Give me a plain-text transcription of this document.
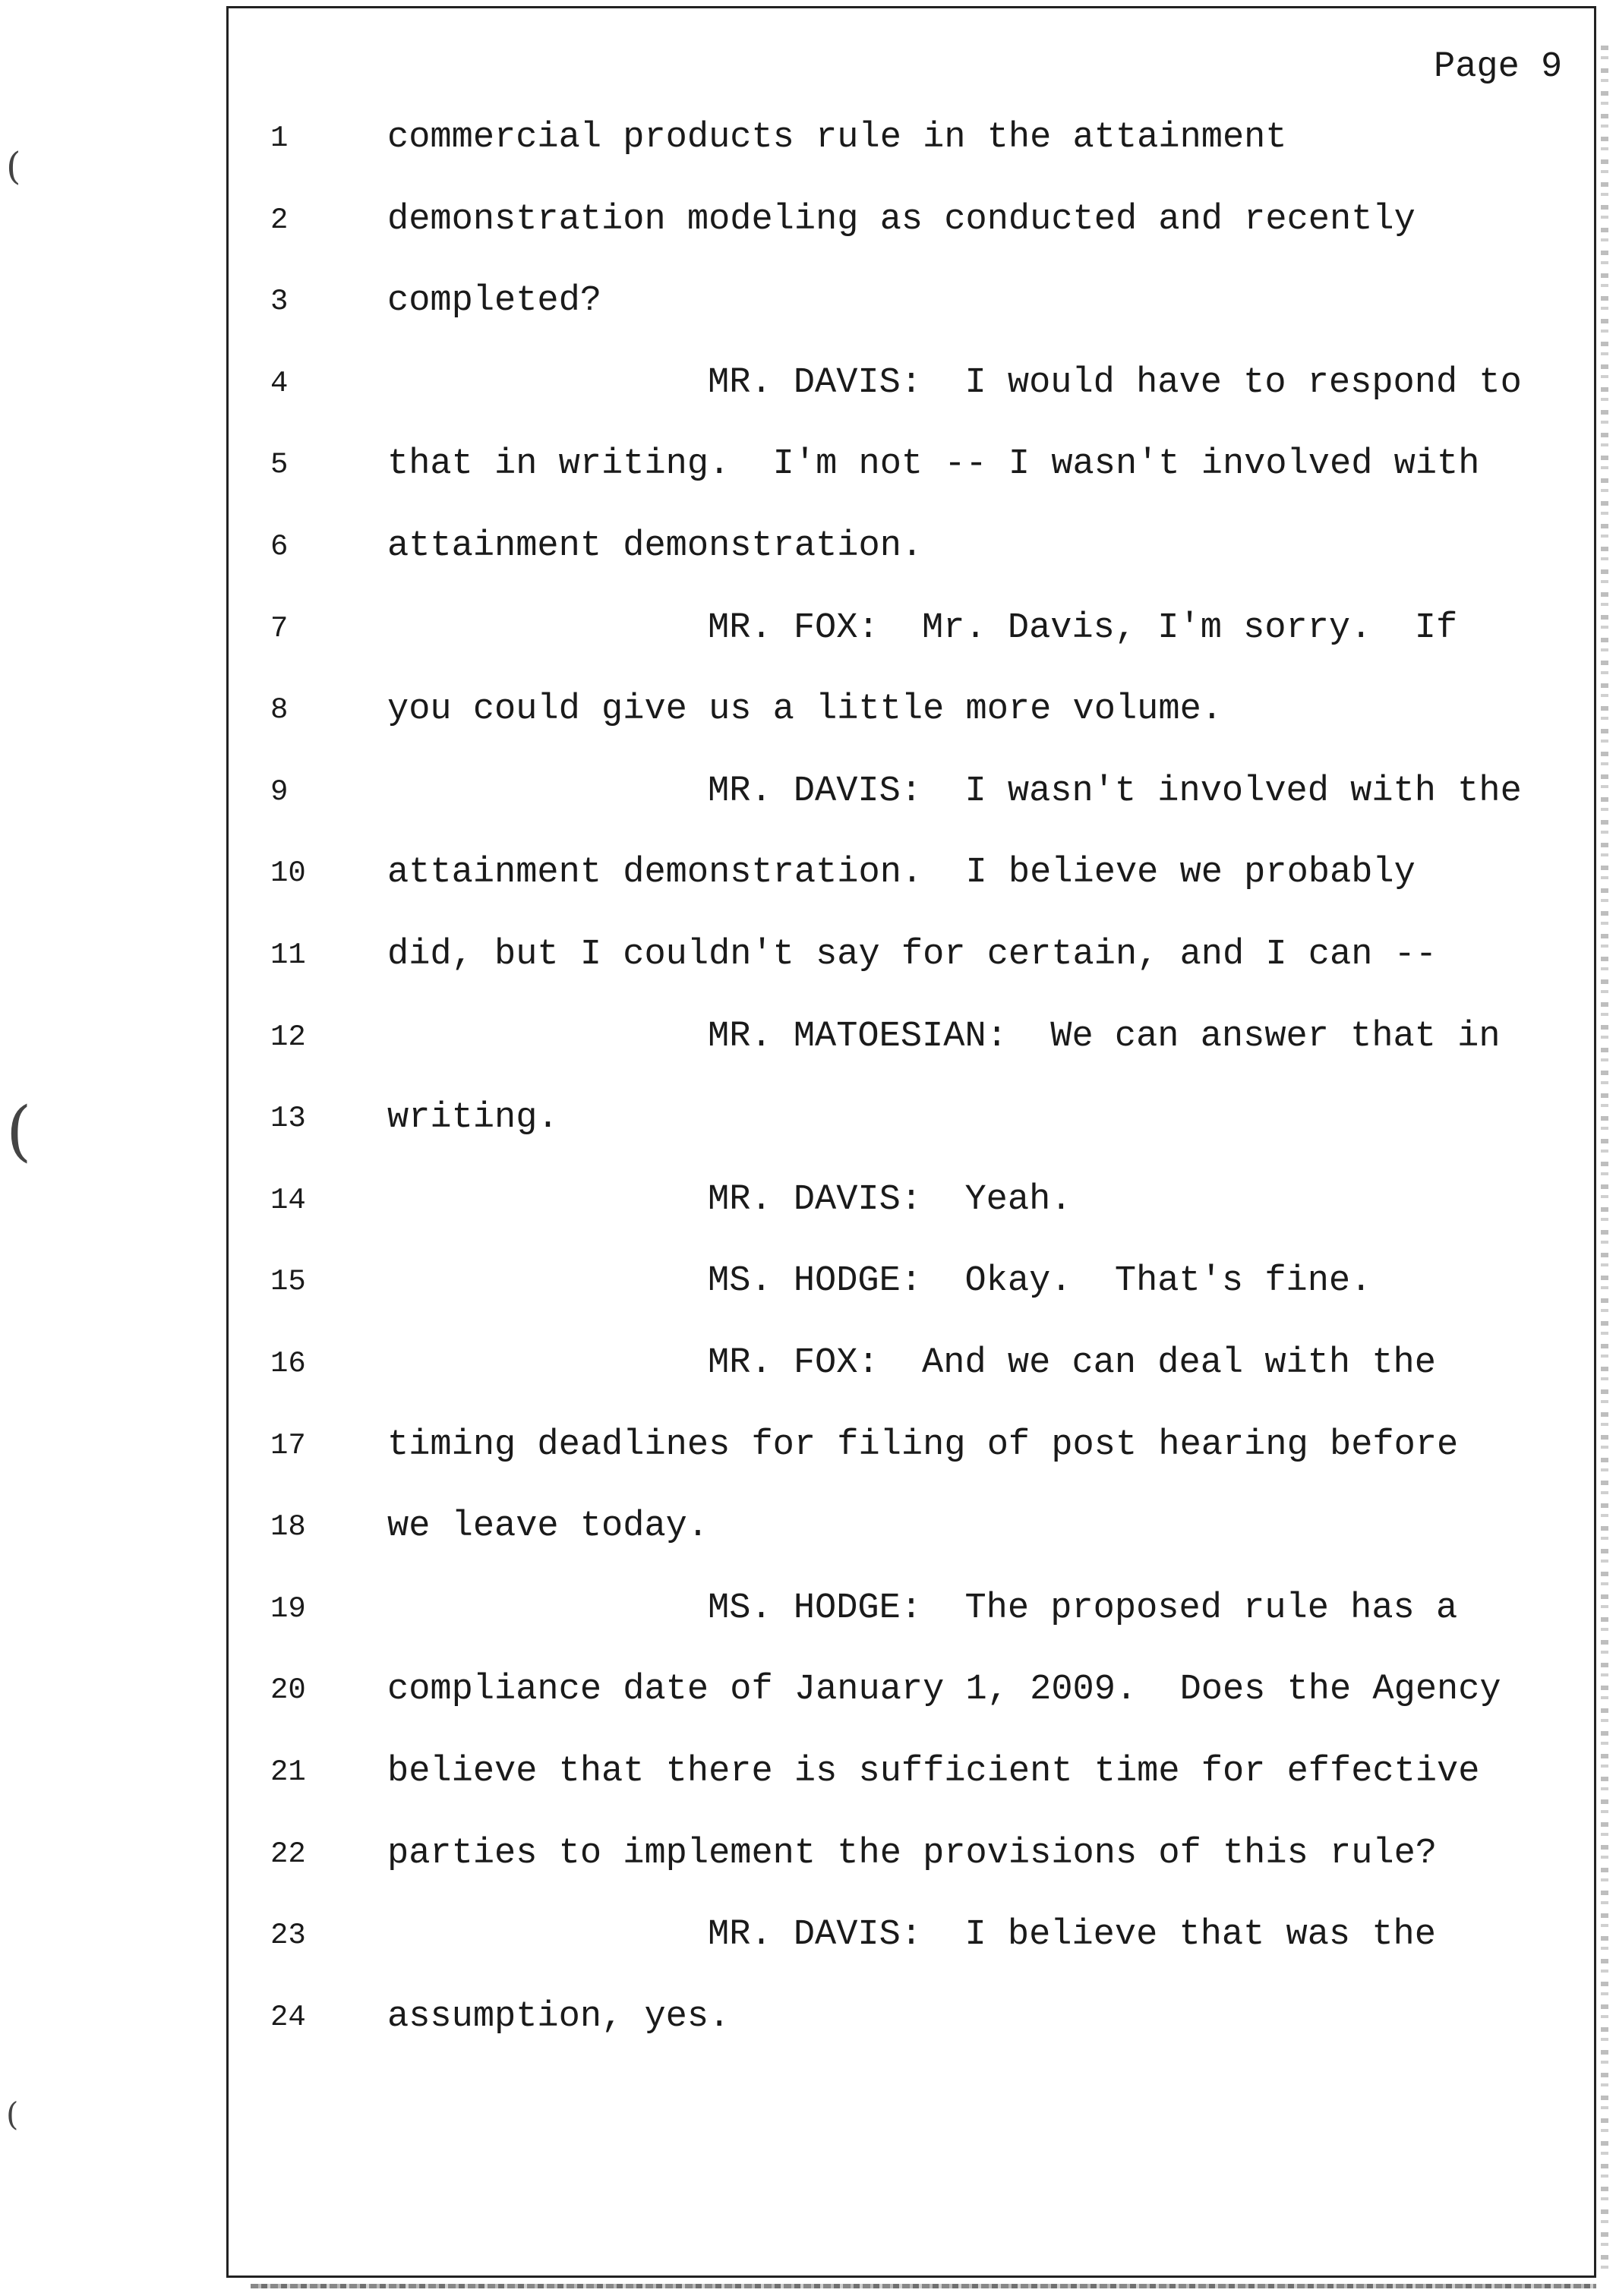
(
(
(
Page 9
1	commercial products rule in the attainment
2	demonstration modeling as conducted and recently
3	completed?
4	MR. DAVIS:  I would have to respond to
5	that in writing.  I'm not -- I wasn't involved with
6	attainment demonstration.
7	MR. FOX:  Mr. Davis, I'm sorry.  If
8	you could give us a little more volume.
9	MR. DAVIS:  I wasn't involved with the
10	attainment demonstration.  I believe we probably
11	did, but I couldn't say for certain, and I can --
12	MR. MATOESIAN:  We can answer that in
13	writing.
14	MR. DAVIS:  Yeah.
15	MS. HODGE:  Okay.  That's fine.
16	MR. FOX:  And we can deal with the
17	timing deadlines for filing of post hearing before
18	we leave today.
19	MS. HODGE:  The proposed rule has a
20	compliance date of January 1, 2009.  Does the Agency
21	believe that there is sufficient time for effective
22	parties to implement the provisions of this rule?
23	MR. DAVIS:  I believe that was the
24	assumption, yes.
